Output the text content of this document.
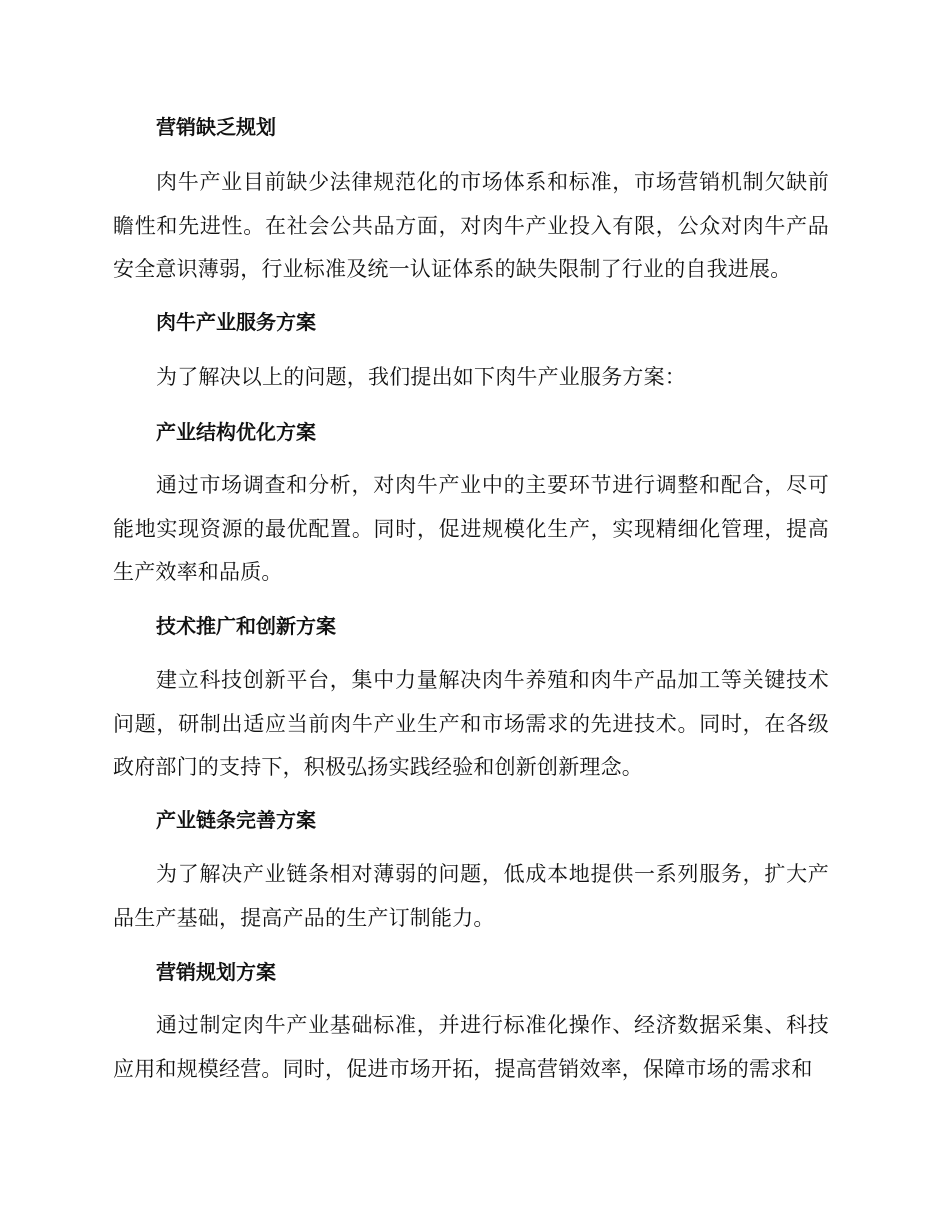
营销缺乏规划
肉牛产业目前缺少法律规范化的市场体系和标准，市场营销机制欠缺前瞻性和先进性。在社会公共品方面，对肉牛产业投入有限，公众对肉牛产品安全意识薄弱，行业标准及统一认证体系的缺失限制了行业的自我进展。
肉牛产业服务方案
为了解决以上的问题，我们提出如下肉牛产业服务方案：
产业结构优化方案
通过市场调查和分析，对肉牛产业中的主要环节进行调整和配合，尽可能地实现资源的最优配置。同时，促进规模化生产，实现精细化管理，提高生产效率和品质。
技术推广和创新方案
建立科技创新平台，集中力量解决肉牛养殖和肉牛产品加工等关键技术问题，研制出适应当前肉牛产业生产和市场需求的先进技术。同时，在各级政府部门的支持下，积极弘扬实践经验和创新创新理念。
产业链条完善方案
为了解决产业链条相对薄弱的问题，低成本地提供一系列服务，扩大产品生产基础，提高产品的生产订制能力。
营销规划方案
通过制定肉牛产业基础标准，并进行标准化操作、经济数据采集、科技应用和规模经营。同时，促进市场开拓，提高营销效率，保障市场的需求和
